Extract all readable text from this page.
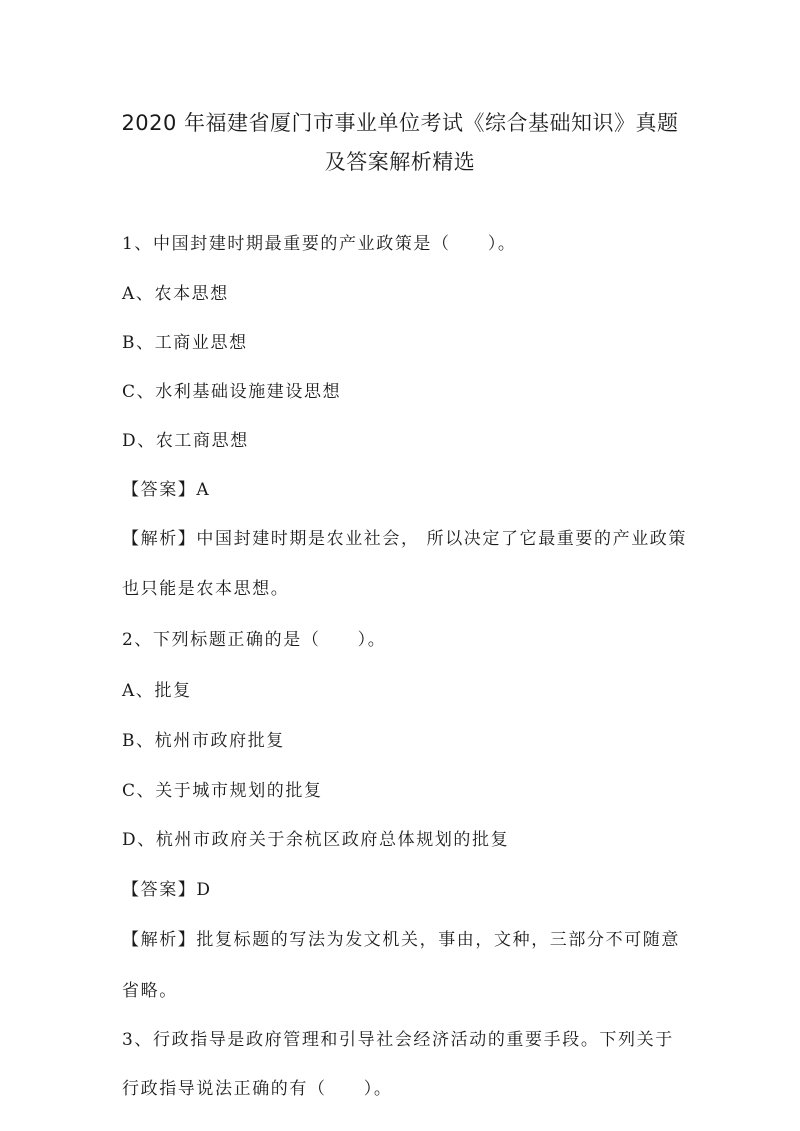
2020 年福建省厦门市事业单位考试《综合基础知识》真题
及答案解析精选
1、中国封建时期最重要的产业政策是（　　）。
A、农本思想
B、工商业思想
C、水利基础设施建设思想
D、农工商思想
【答案】A
【解析】中国封建时期是农业社会， 所以决定了它最重要的产业政策
也只能是农本思想。
2、下列标题正确的是（　　）。
A、批复
B、杭州市政府批复
C、关于城市规划的批复
D、杭州市政府关于余杭区政府总体规划的批复
【答案】D
【解析】批复标题的写法为发文机关，事由，文种，三部分不可随意
省略。
3、行政指导是政府管理和引导社会经济活动的重要手段。下列关于
行政指导说法正确的有（　　）。
